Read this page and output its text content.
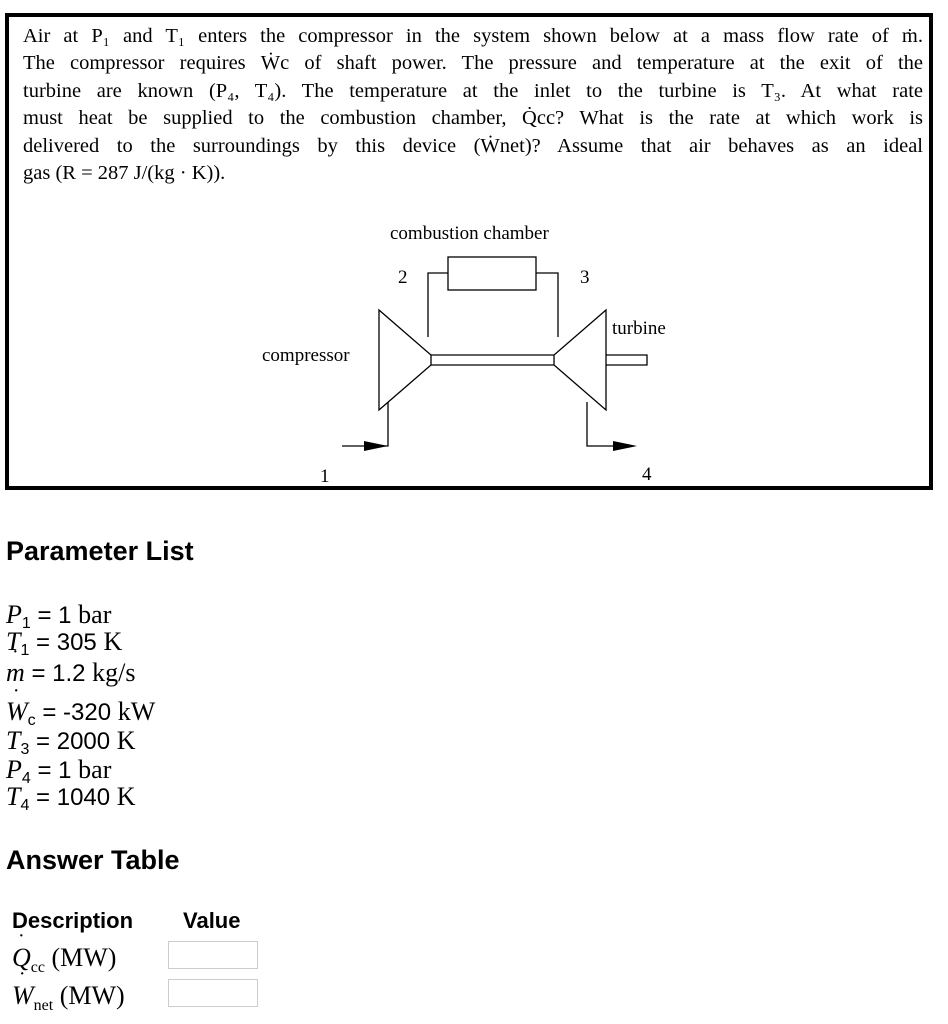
Air at P₁ and T₁ enters the compressor in the system shown below at a mass flow rate of ṁ.
The compressor requires Ẇc of shaft power. The pressure and temperature at the exit of the
turbine are known (P₄, T₄). The temperature at the inlet to the turbine is T₃. At what rate
must heat be supplied to the combustion chamber, Q̇cc? What is the rate at which work is
delivered to the surroundings by this device (Ẇnet)? Assume that air behaves as an ideal
gas (R = 287 J/(kg · K)).
combustion chamber
2	3
compressor
turbine
1	4
Parameter List
$P_1 = 1$ bar
$T_1 = 305$ K
˙ m = 1.2 kg/s
˙ $W_c = -320$ kW
$T_3 = 2000$ K
$P_4 = 1$ bar
$T_4 = 1040$ K
Answer Table
Description Value
˙ $Q_{cc}$ (MW)
˙ $W_{net}$ (MW)
